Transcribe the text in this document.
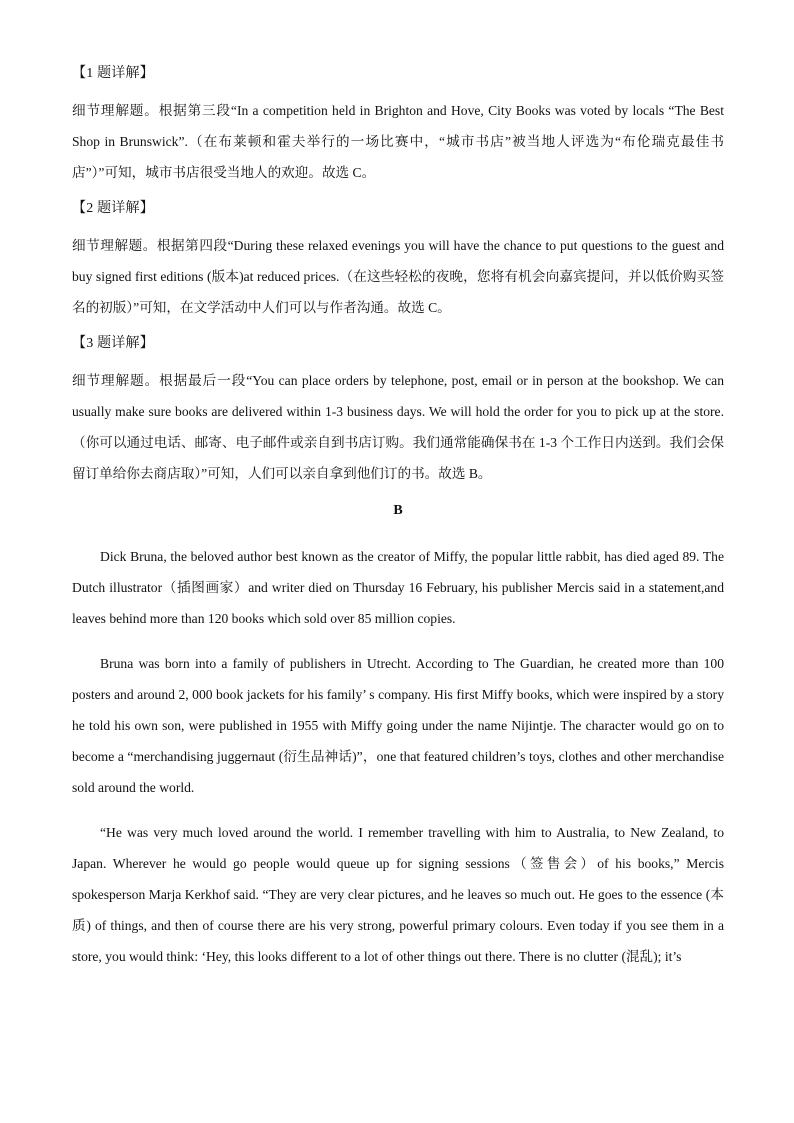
【1 题详解】
细节理解题。根据第三段“In a competition held in Brighton and Hove, City Books was voted by locals “The Best Shop in Brunswick”.（在布莱顿和霍夫举行的一场比赛中，“城市书店”被当地人评选为“布伦瑞克最佳书店”）”可知，城市书店很受当地人的欢迎。故选 C。
【2 题详解】
细节理解题。根据第四段“During these relaxed evenings you will have the chance to put questions to the guest and buy signed first editions (版本)at reduced prices.（在这些轻松的夜晚，您将有机会向嘉宾提问，并以低价购买签名的初版）”可知，在文学活动中人们可以与作者沟通。故选 C。
【3 题详解】
细节理解题。根据最后一段“You can place orders by telephone, post, email or in person at the bookshop. We can usually make sure books are delivered within 1-3 business days. We will hold the order for you to pick up at the store.（你可以通过电话、邮寄、电子邮件或亲自到书店订购。我们通常能确保书在 1-3 个工作日内送到。我们会保留订单给你去商店取）”可知，人们可以亲自拿到他们订的书。故选 B。
B
Dick Bruna, the beloved author best known as the creator of Miffy, the popular little rabbit, has died aged 89. The Dutch illustrator（插图画家）and writer died on Thursday 16 February, his publisher Mercis said in a statement,and leaves behind more than 120 books which sold over 85 million copies.
Bruna was born into a family of publishers in Utrecht. According to The Guardian, he created more than 100 posters and around 2, 000 book jackets for his family’ s company. His first Miffy books, which were inspired by a story he told his own son, were published in 1955 with Miffy going under the name Nijintje. The character would go on to become a “merchandising juggernaut (衍生品神话)”，one that featured children’s toys, clothes and other merchandise sold around the world.
“He was very much loved around the world. I remember travelling with him to Australia, to New Zealand, to Japan. Wherever he would go people would queue up for signing sessions（签售会）of his books,” Mercis spokesperson Marja Kerkhof said. “They are very clear pictures, and he leaves so much out. He goes to the essence (本质) of things, and then of course there are his very strong, powerful primary colours. Even today if you see them in a store, you would think: ‘Hey, this looks different to a lot of other things out there. There is no clutter (混乱); it’s
